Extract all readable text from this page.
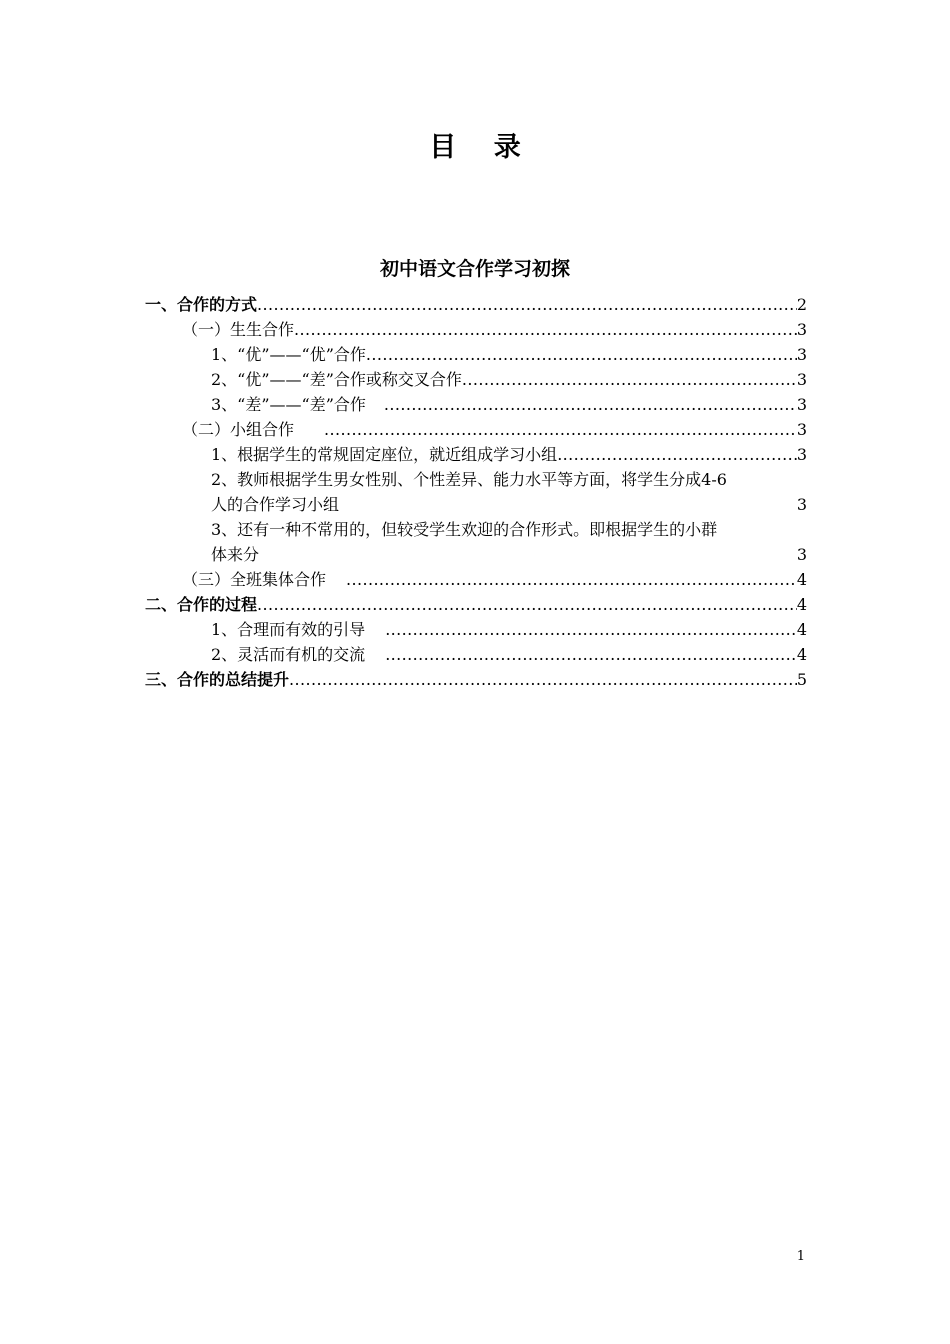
目 录
初中语文合作学习初探
一、合作的方式 .....	2
（一）生生合作 .....	3
1、“优”——“优”合作 .....	3
2、“优”——“差”合作或称交叉合作 .....	3
3、“差”——“差”合作 .....	3
（二）小组合作 .....	3
1、根据学生的常规固定座位，就近组成学习小组 .....	3
2、教师根据学生男女性别、个性差异、能力水平等方面，将学生分成4-6
人的合作学习小组	3
3、还有一种不常用的，但较受学生欢迎的合作形式。即根据学生的小群
体来分	3
（三）全班集体合作 .....	4
二、合作的过程 .....	4
1、合理而有效的引导 .....	4
2、灵活而有机的交流 .....	4
三、合作的总结提升 .....	5
1
